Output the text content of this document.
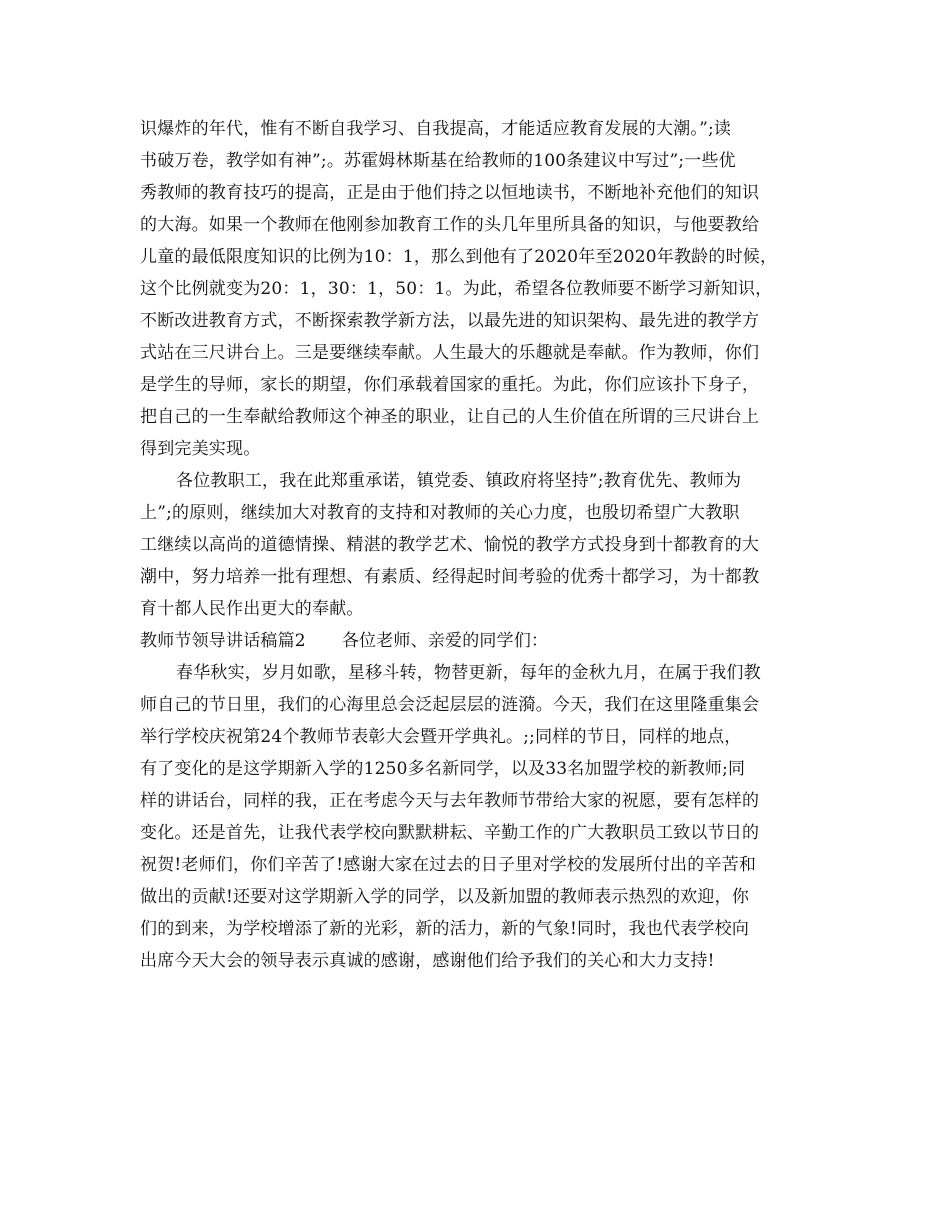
识爆炸的年代，惟有不断自我学习、自我提高，才能适应教育发展的大潮。”;读
书破万卷，教学如有神”;。苏霍姆林斯基在给教师的100条建议中写过”;一些优
秀教师的教育技巧的提高，正是由于他们持之以恒地读书，不断地补充他们的知识
的大海。如果一个教师在他刚参加教育工作的头几年里所具备的知识，与他要教给
儿童的最低限度知识的比例为10：1，那么到他有了2020年至2020年教龄的时候，
这个比例就变为20：1，30：1，50：1。为此，希望各位教师要不断学习新知识，
不断改进教育方式，不断探索教学新方法，以最先进的知识架构、最先进的教学方
式站在三尺讲台上。三是要继续奉献。人生最大的乐趣就是奉献。作为教师，你们
是学生的导师，家长的期望，你们承载着国家的重托。为此，你们应该扑下身子，
把自己的一生奉献给教师这个神圣的职业，让自己的人生价值在所谓的三尺讲台上
得到完美实现。
各位教职工，我在此郑重承诺，镇党委、镇政府将坚持”;教育优先、教师为
上”;的原则，继续加大对教育的支持和对教师的关心力度，也殷切希望广大教职
工继续以高尚的道德情操、精湛的教学艺术、愉悦的教学方式投身到十都教育的大
潮中，努力培养一批有理想、有素质、经得起时间考验的优秀十都学习，为十都教
育十都人民作出更大的奉献。
教师节领导讲话稿篇2 各位老师、亲爱的同学们：
春华秋实，岁月如歌，星移斗转，物替更新，每年的金秋九月，在属于我们教
师自己的节日里，我们的心海里总会泛起层层的涟漪。今天，我们在这里隆重集会
举行学校庆祝第24个教师节表彰大会暨开学典礼。;;同样的节日，同样的地点，
有了变化的是这学期新入学的1250多名新同学，以及33名加盟学校的新教师;同
样的讲话台，同样的我，正在考虑今天与去年教师节带给大家的祝愿，要有怎样的
变化。还是首先，让我代表学校向默默耕耘、辛勤工作的广大教职员工致以节日的
祝贺!老师们，你们辛苦了!感谢大家在过去的日子里对学校的发展所付出的辛苦和
做出的贡献!还要对这学期新入学的同学，以及新加盟的教师表示热烈的欢迎，你
们的到来，为学校增添了新的光彩，新的活力，新的气象!同时，我也代表学校向
出席今天大会的领导表示真诚的感谢，感谢他们给予我们的关心和大力支持!
